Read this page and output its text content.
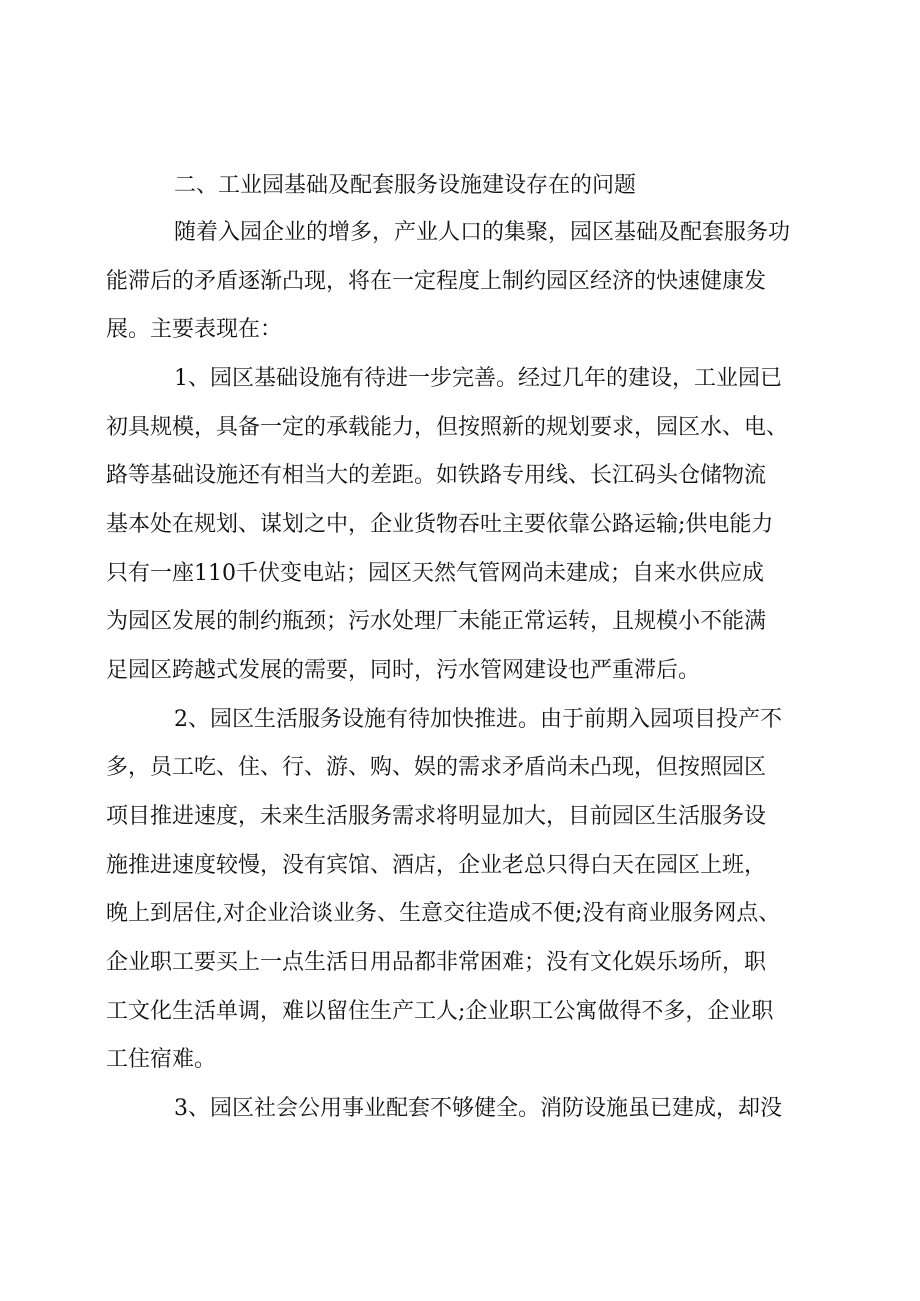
二、工业园基础及配套服务设施建设存在的问题

随着入园企业的增多，产业人口的集聚，园区基础及配套服务功

能滞后的矛盾逐渐凸现，将在一定程度上制约园区经济的快速健康发

展。主要表现在：

1、园区基础设施有待进一步完善。经过几年的建设，工业园已

初具规模，具备一定的承载能力，但按照新的规划要求，园区水、电、

路等基础设施还有相当大的差距。如铁路专用线、长江码头仓储物流

基本处在规划、谋划之中，企业货物吞吐主要依靠公路运输;供电能力

只有一座110千伏变电站；园区天然气管网尚未建成；自来水供应成

为园区发展的制约瓶颈；污水处理厂未能正常运转，且规模小不能满

足园区跨越式发展的需要，同时，污水管网建设也严重滞后。

2、园区生活服务设施有待加快推进。由于前期入园项目投产不

多，员工吃、住、行、游、购、娱的需求矛盾尚未凸现，但按照园区

项目推进速度，未来生活服务需求将明显加大，目前园区生活服务设

施推进速度较慢，没有宾馆、酒店，企业老总只得白天在园区上班，

晚上到居住,对企业洽谈业务、生意交往造成不便;没有商业服务网点、

企业职工要买上一点生活日用品都非常困难；没有文化娱乐场所，职

工文化生活单调，难以留住生产工人;企业职工公寓做得不多，企业职

工住宿难。

3、园区社会公用事业配套不够健全。消防设施虽已建成，却没
